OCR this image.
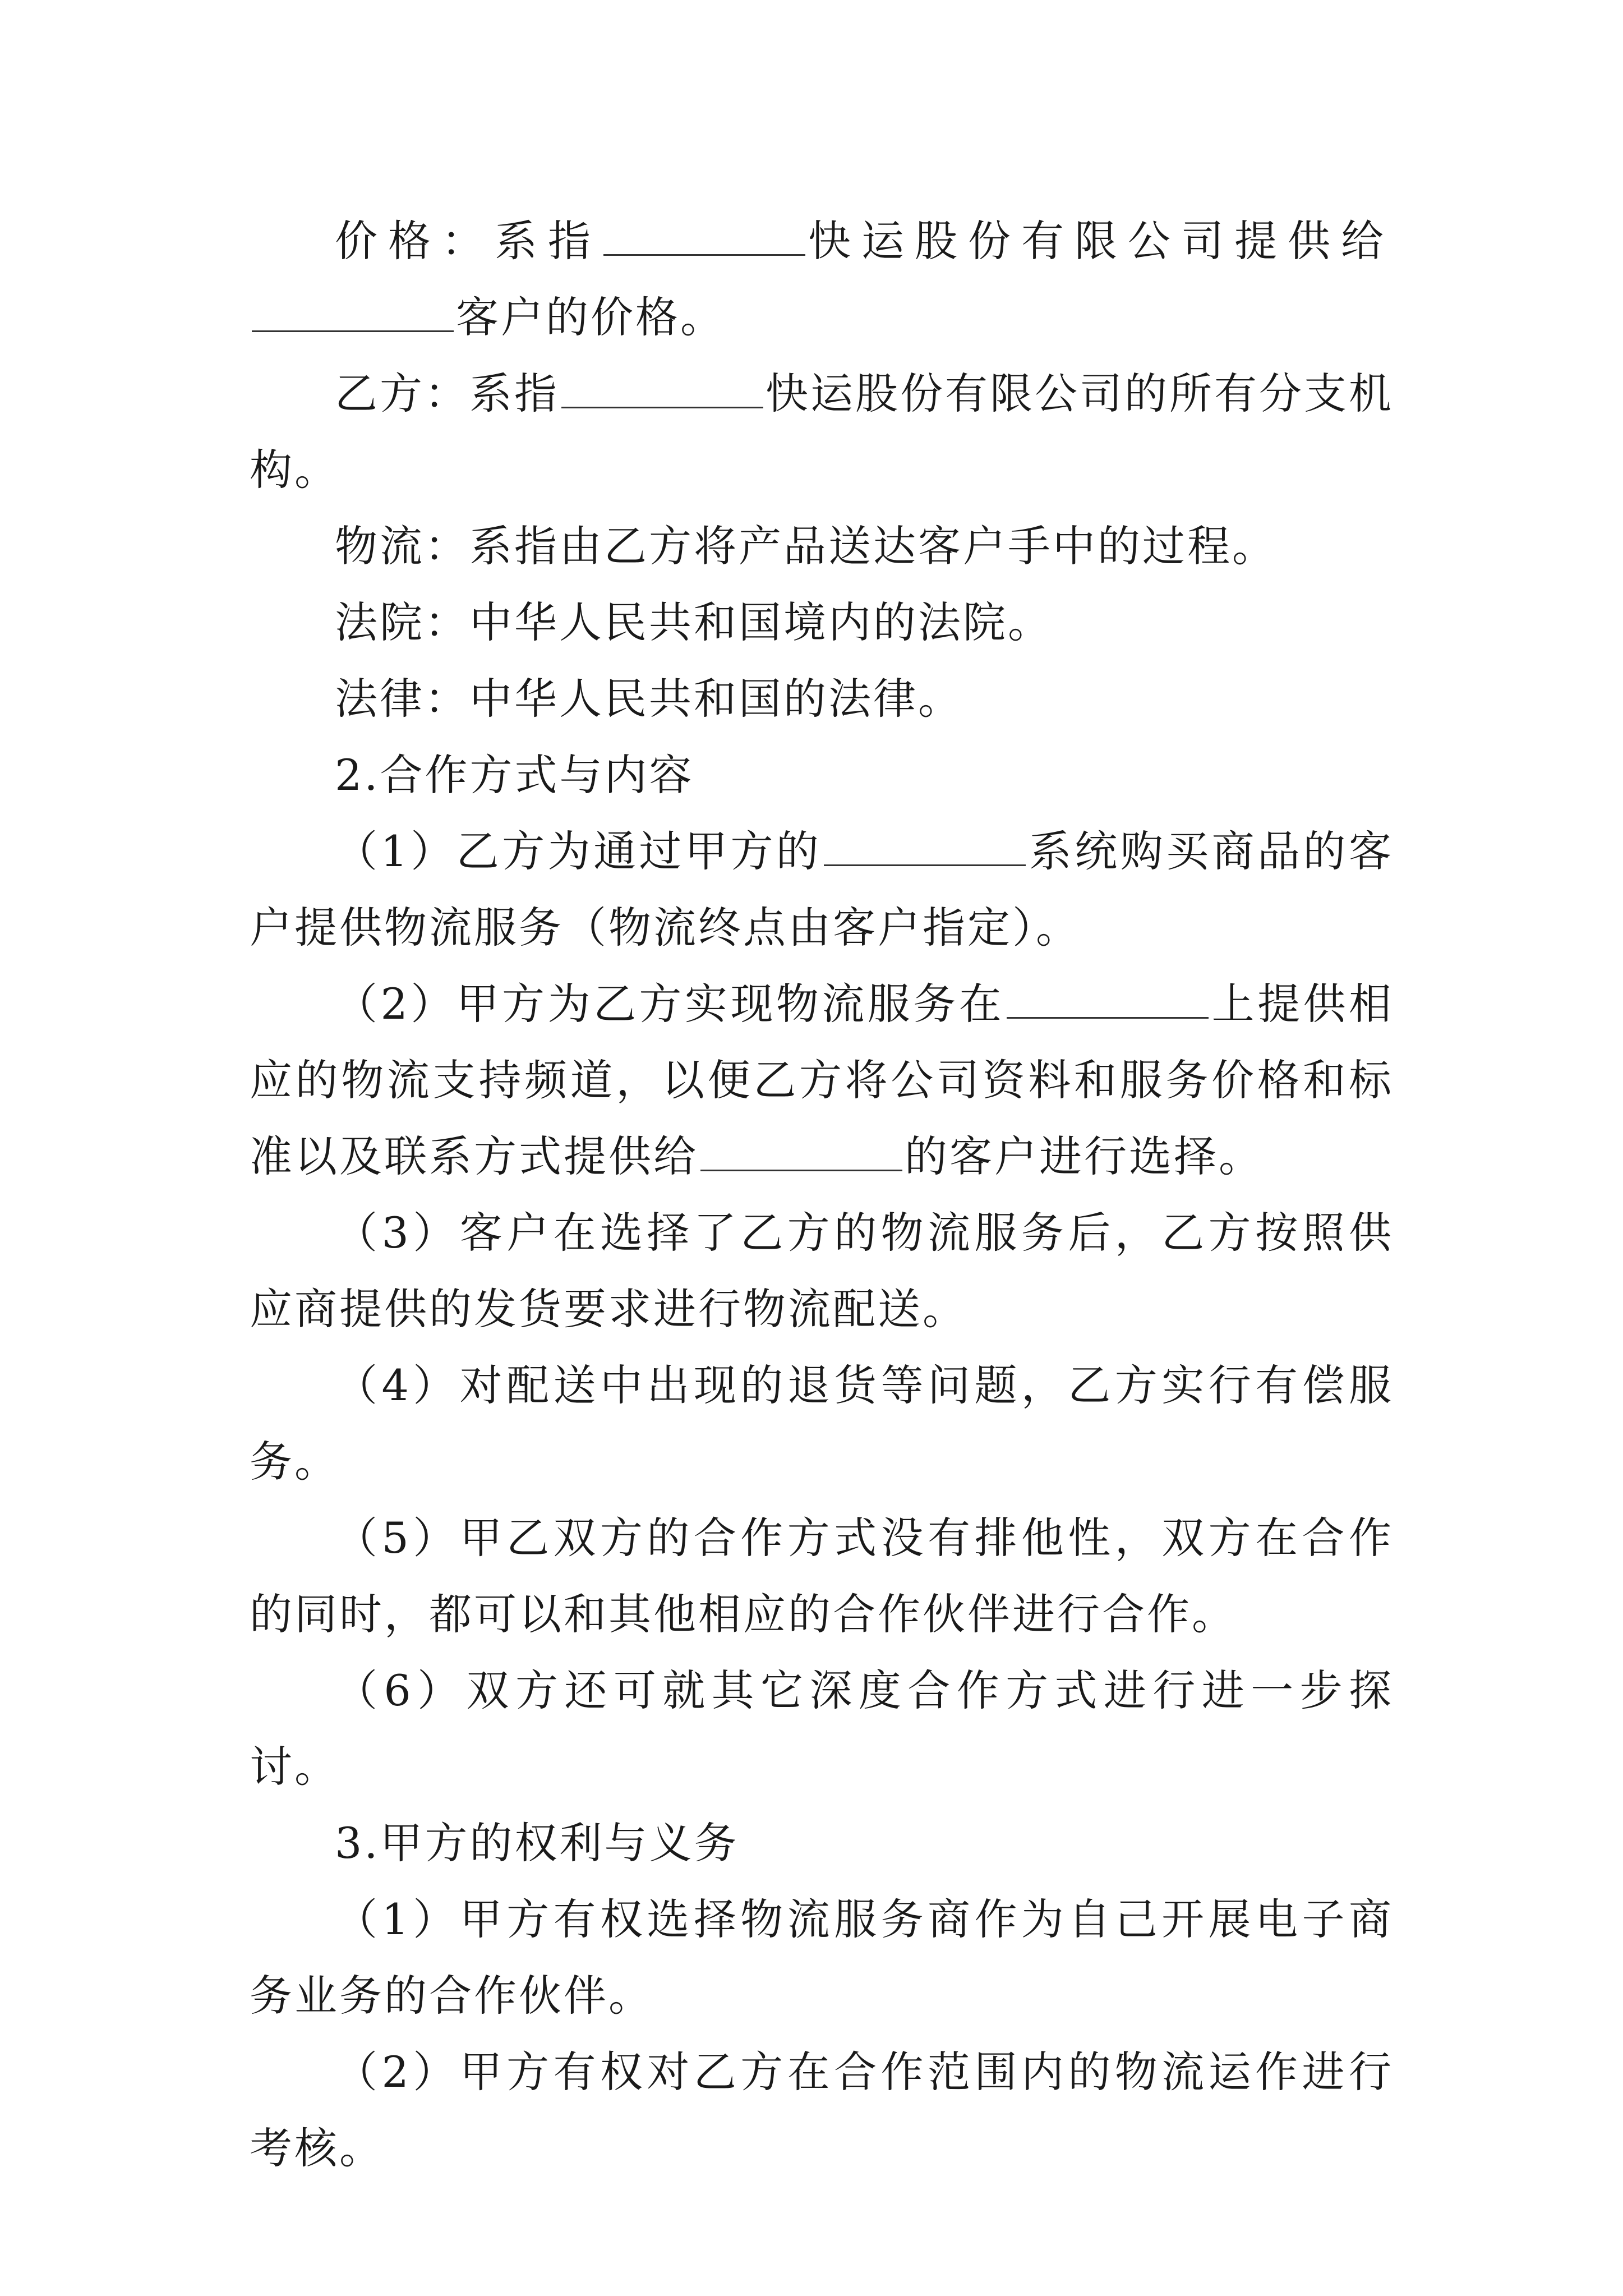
价格：系指	快运股份有限公司提供给客户的价格。

乙方：系指	快运股份有限公司的所有分支机构。

物流：系指由乙方将产品送达客户手中的过程。

法院：中华人民共和国境内的法院。

法律：中华人民共和国的法律。

2.合作方式与内容

（1）乙方为通过甲方的	系统购买商品的客户提供物流服务（物流终点由客户指定）。

（2）甲方为乙方实现物流服务在	上提供相应的物流支持频道，以便乙方将公司资料和服务价格和标准以及联系方式提供给	的客户进行选择。

（3）客户在选择了乙方的物流服务后，乙方按照供应商提供的发货要求进行物流配送。

（4）对配送中出现的退货等问题，乙方实行有偿服务。

（5）甲乙双方的合作方式没有排他性，双方在合作的同时，都可以和其他相应的合作伙伴进行合作。

（6）双方还可就其它深度合作方式进行进一步探讨。

3.甲方的权利与义务

（1）甲方有权选择物流服务商作为自己开展电子商务业务的合作伙伴。

（2）甲方有权对乙方在合作范围内的物流运作进行考核。
